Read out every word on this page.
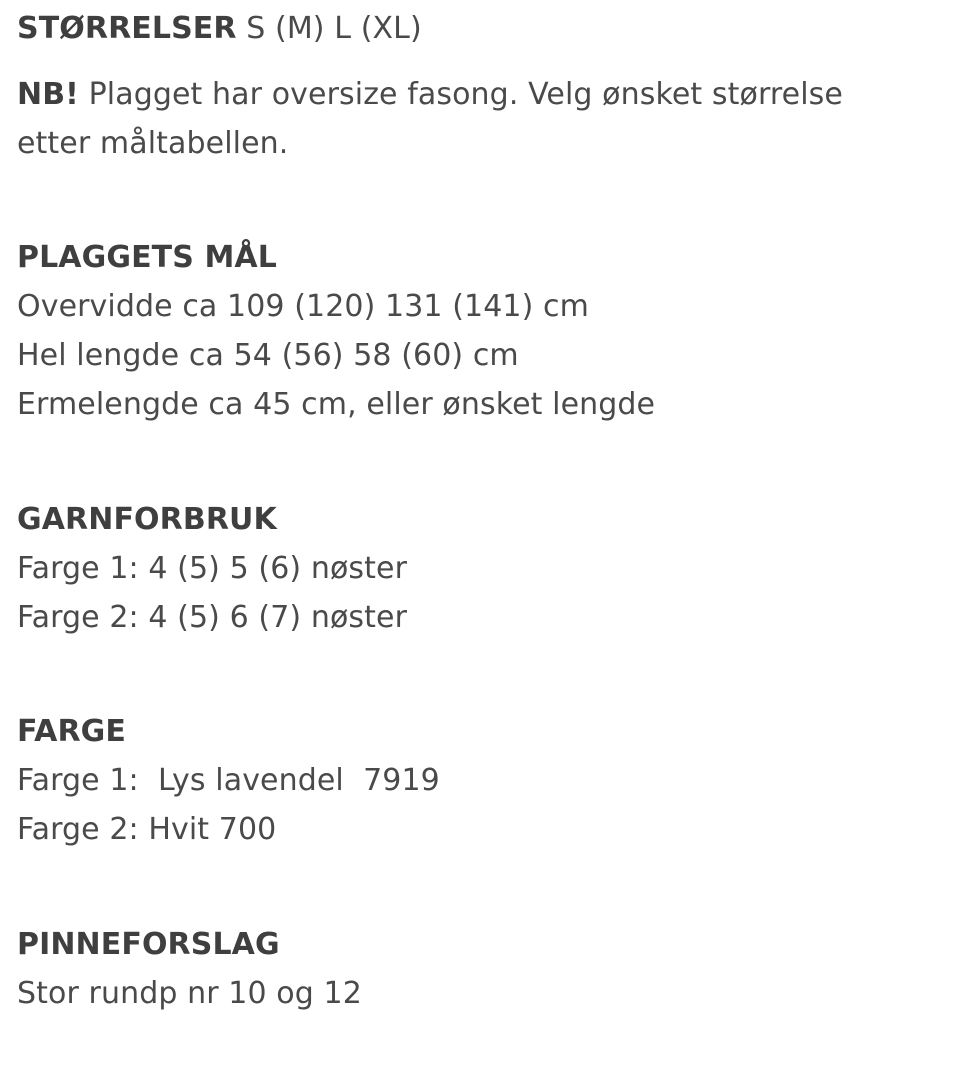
STØRRELSER S (M) L (XL)
NB! Plagget har oversize fasong. Velg ønsket størrelse
etter måltabellen.
PLAGGETS MÅL
Overvidde ca 109 (120) 131 (141) cm
Hel lengde ca 54 (56) 58 (60) cm
Ermelengde ca 45 cm, eller ønsket lengde
GARNFORBRUK
Farge 1: 4 (5) 5 (6) nøster
Farge 2: 4 (5) 6 (7) nøster
FARGE
Farge 1:  Lys lavendel  7919
Farge 2: Hvit 700
PINNEFORSLAG
Stor rundp nr 10 og 12
